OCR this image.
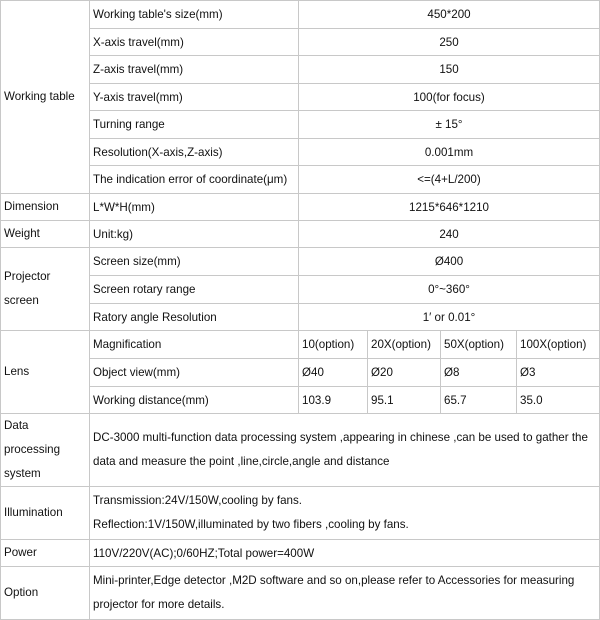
Working table	Working table's size(mm)	450*200			
	X-axis travel(mm)	250			
	Z-axis travel(mm)	150			
	Y-axis travel(mm)	100(for focus)			
	Turning range	± 15°			
	Resolution(X-axis,Z-axis)	0.001mm			
	The indication error of coordinate(μm)	<=(4+L/200)			
Dimension	L*W*H(mm)	1215*646*1210			
Weight	Unit:kg)	240			
Projector screen	Screen size(mm)	Ø400			
	Screen rotary range	0°~360°			
	Ratory angle Resolution	1′ or 0.01°			
Lens	Magnification	10(option)	20X(option)	50X(option)	100X(option)
	Object view(mm)	Ø40	Ø20	Ø8	Ø3
	Working distance(mm)	103.9	95.1	65.7	35.0
Data processing system	DC-3000 multi-function data processing system ,appearing in chinese ,can be used to gather the
data and measure the point ,line,circle,angle and distance				

Illumination	Transmission:24V/150W,cooling by fans.
Reflection:1V/150W,illuminated by two fibers ,cooling by fans.				

Power	110V/220V(AC);0/60HZ;Total power=400W				
Option	Mini-printer,Edge detector ,M2D software and so on,please refer to Accessories for measuring
projector for more details.				
